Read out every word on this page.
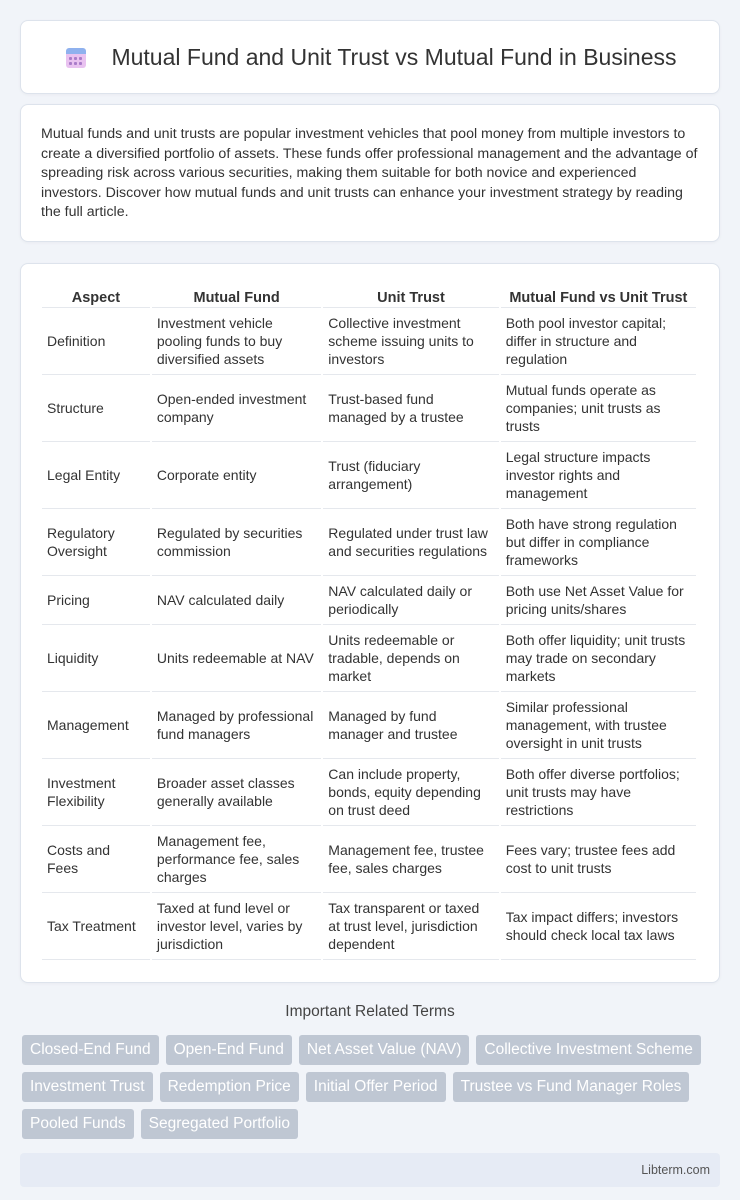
Mutual Fund and Unit Trust vs Mutual Fund in Business

Mutual funds and unit trusts are popular investment vehicles that pool money from multiple investors to create a diversified portfolio of assets. These funds offer professional management and the advantage of spreading risk across various securities, making them suitable for both novice and experienced investors. Discover how mutual funds and unit trusts can enhance your investment strategy by reading the full article.

Aspect	Mutual Fund	Unit Trust	Mutual Fund vs Unit Trust
Definition	Investment vehicle pooling funds to buy diversified assets	Collective investment scheme issuing units to investors	Both pool investor capital; differ in structure and regulation
Structure	Open-ended investment company	Trust-based fund managed by a trustee	Mutual funds operate as companies; unit trusts as trusts
Legal Entity	Corporate entity	Trust (fiduciary arrangement)	Legal structure impacts investor rights and management
Regulatory Oversight	Regulated by securities commission	Regulated under trust law and securities regulations	Both have strong regulation but differ in compliance frameworks
Pricing	NAV calculated daily	NAV calculated daily or periodically	Both use Net Asset Value for pricing units/shares
Liquidity	Units redeemable at NAV	Units redeemable or tradable, depends on market	Both offer liquidity; unit trusts may trade on secondary markets
Management	Managed by professional fund managers	Managed by fund manager and trustee	Similar professional management, with trustee oversight in unit trusts
Investment Flexibility	Broader asset classes generally available	Can include property, bonds, equity depending on trust deed	Both offer diverse portfolios; unit trusts may have restrictions
Costs and Fees	Management fee, performance fee, sales charges	Management fee, trustee fee, sales charges	Fees vary; trustee fees add cost to unit trusts
Tax Treatment	Taxed at fund level or investor level, varies by jurisdiction	Tax transparent or taxed at trust level, jurisdiction dependent	Tax impact differs; investors should check local tax laws
Important Related Terms
Closed-End Fund	Open-End Fund	Net Asset Value (NAV)	Collective Investment Scheme
Investment Trust	Redemption Price	Initial Offer Period	Trustee vs Fund Manager Roles
Pooled Funds	Segregated Portfolio
Libterm.com
